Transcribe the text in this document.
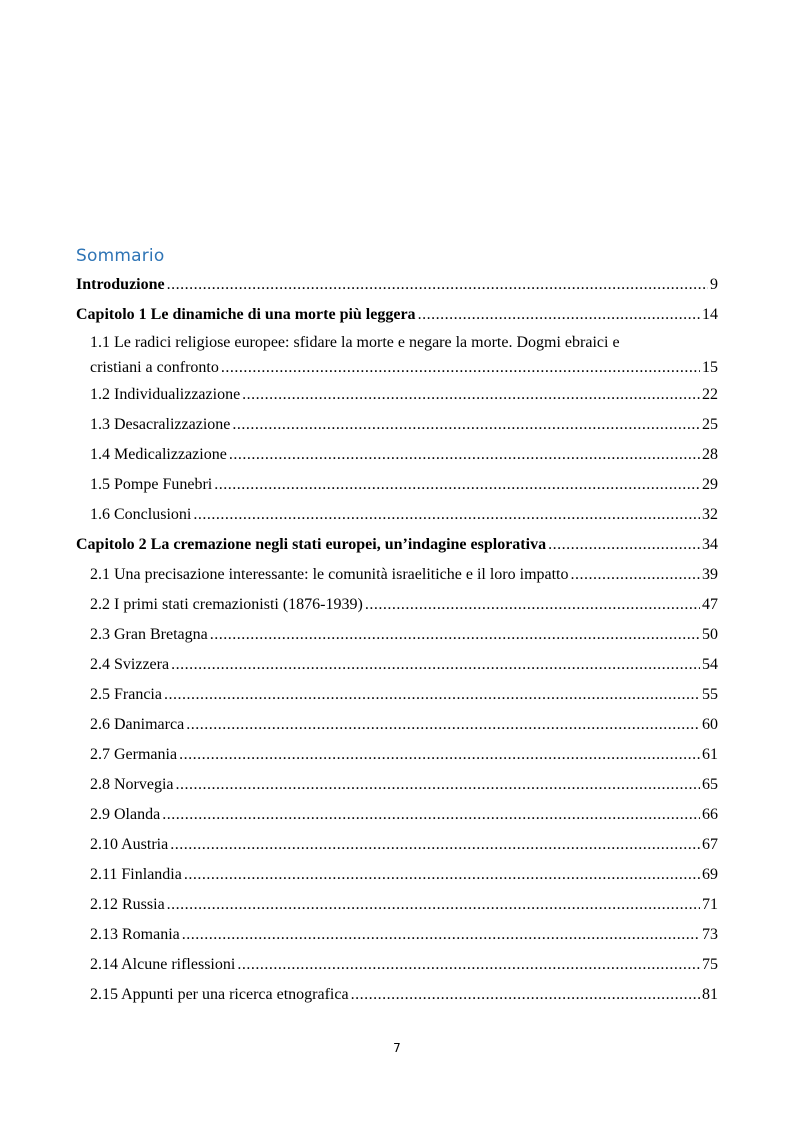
Sommario
Introduzione .....	9
Capitolo 1 Le dinamiche di una morte più leggera .....	14
1.1 Le radici religiose europee: sfidare la morte e negare la morte. Dogmi ebraici e
cristiani a confronto .....	15
1.2 Individualizzazione .....	22
1.3 Desacralizzazione .....	25
1.4 Medicalizzazione .....	28
1.5 Pompe Funebri .....	29
1.6 Conclusioni .....	32
Capitolo 2 La cremazione negli stati europei, un’indagine esplorativa .....	34
2.1 Una precisazione interessante: le comunità israelitiche e il loro impatto .....	39
2.2 I primi stati cremazionisti (1876-1939) .....	47
2.3 Gran Bretagna .....	50
2.4 Svizzera .....	54
2.5 Francia .....	55
2.6 Danimarca .....	60
2.7 Germania .....	61
2.8 Norvegia .....	65
2.9 Olanda .....	66
2.10 Austria .....	67
2.11 Finlandia .....	69
2.12 Russia .....	71
2.13 Romania .....	73
2.14 Alcune riflessioni .....	75
2.15 Appunti per una ricerca etnografica .....	81
7
